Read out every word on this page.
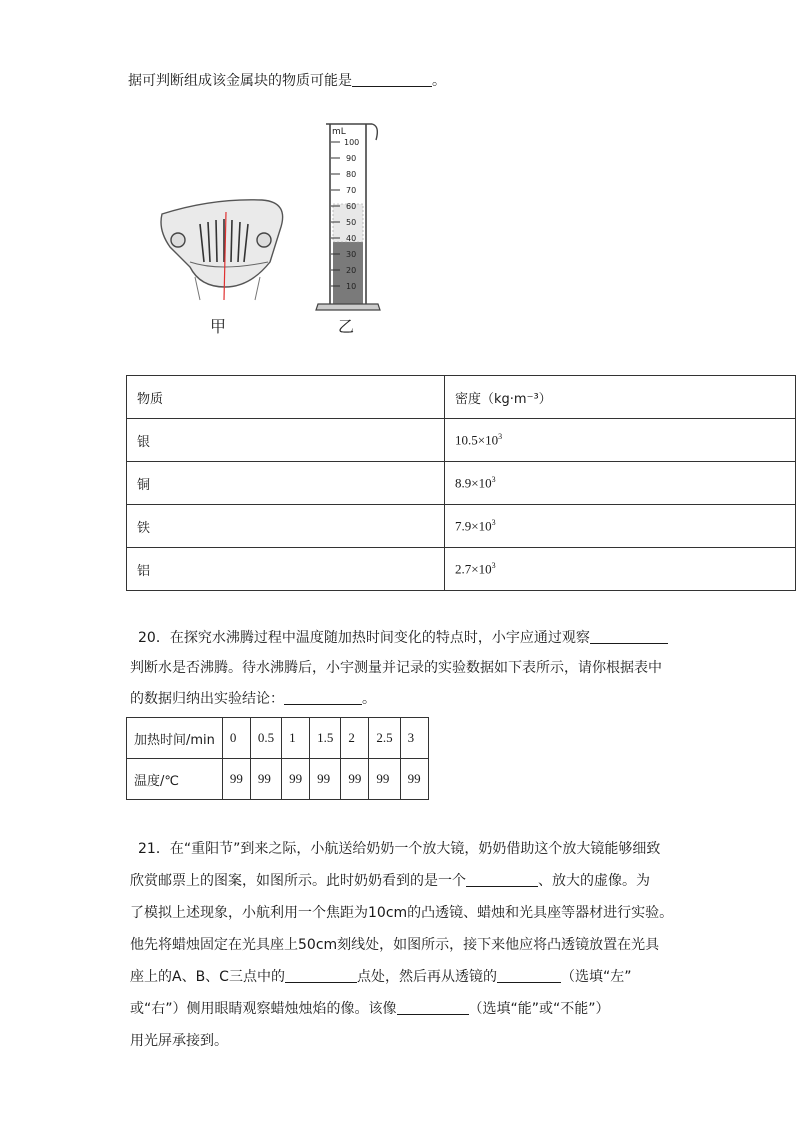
据可判断组成该金属块的物质可能是	。
甲
mL
100
90
80
70
60
50
40
30
20
10
乙
物质	密度（kg·m⁻³）
银	$10.5\times 10^3$
铜	$8.9\times 10^3$
铁	$7.9\times 10^3$
铝	$2.7\times 10^3$
20．在探究水沸腾过程中温度随加热时间变化的特点时，小宇应通过观察
判断水是否沸腾。待水沸腾后，小宇测量并记录的实验数据如下表所示，请你根据表中
的数据归纳出实验结论：	。
加热时间/min	0	0.5	1	1.5	2	2.5	3
温度/℃	99	99	99	99	99	99	99
21．在“重阳节”到来之际，小航送给奶奶一个放大镜，奶奶借助这个放大镜能够细致
欣赏邮票上的图案，如图所示。此时奶奶看到的是一个	、放大的虚像。为
了模拟上述现象，小航利用一个焦距为10cm的凸透镜、蜡烛和光具座等器材进行实验。
他先将蜡烛固定在光具座上50cm刻线处，如图所示，接下来他应将凸透镜放置在光具
座上的A、B、C三点中的	点处，然后再从透镜的	（选填“左”
或“右”）侧用眼睛观察蜡烛烛焰的像。该像	（选填“能”或“不能”）
用光屏承接到。
